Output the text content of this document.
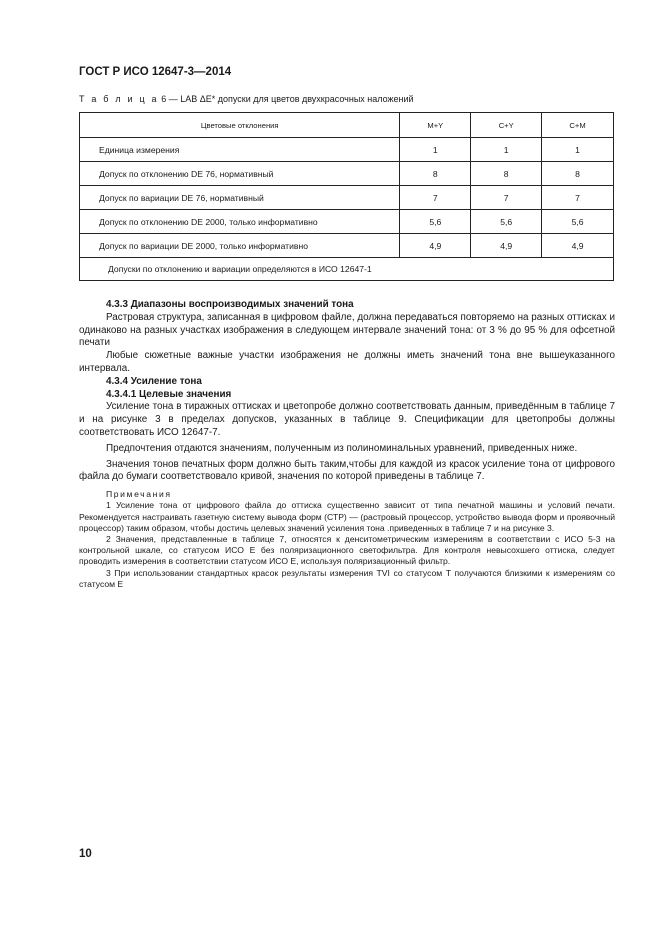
ГОСТ Р ИСО 12647-3—2014
Т а б л и ц а 6 — LAB ΔE* допуски для цветов двухкрасочных наложений
Цветовые отклонения	М+Y	С+Y	С+М
Единица измерения	1	1	1
Допуск по отклонению DE 76, нормативный	8	8	8
Допуск по вариации DE 76, нормативный	7	7	7
Допуск по отклонению DE 2000, только информативно	5,6	5,6	5,6
Допуск по вариации DE 2000, только информативно	4,9	4,9	4,9
Допуски по отклонению и вариации определяются в ИСО 12647-1			

4.3.3 Диапазоны воспроизводимых значений тона

Растровая структура, записанная в цифровом файле, должна передаваться повторяемо на разных оттисках и одинаково на разных участках изображения в следующем интервале значений тона: от 3 % до 95 % для офсетной печати

Любые сюжетные важные участки изображения не должны иметь значений тона вне вышеуказанного интервала.

4.3.4 Усиление тона

4.3.4.1 Целевые значения

Усиление тона в тиражных оттисках и цветопробе должно соответствовать данным, приведённым в таблице 7 и на рисунке 3 в пределах допусков, указанных в таблице 9. Спецификации для цветопробы должны соответствовать ИСО 12647-7.

Предпочтения отдаются значениям, полученным из полиноминальных уравнений, приведенных ниже.

Значения тонов печатных форм должно быть таким,чтобы для каждой из красок усиление тона от цифрового файла до бумаги соответствовало кривой, значения по которой приведены в таблице 7.

Примечания

1 Усиление тона от цифрового файла до оттиска существенно зависит от типа печатной машины и условий печати. Рекомендуется настраивать газетную систему вывода форм (СТР) — (растровый процессор, устройство вывода форм и проявочный процессор) таким образом, чтобы достичь целевых значений усиления тона .приведенных в таблице 7 и на рисунке 3.

2 Значения, представленные в таблице 7, относятся к денситометрическим измерениям в соответствии с ИСО 5-3 на контрольной шкале, со статусом ИСО Е без поляризационного светофильтра. Для контроля невысохшего оттиска, следует проводить измерения в соответствии статусом ИСО Е, используя поляризационный фильтр.

3 При использовании стандартных красок результаты измерения TVI со статусом Т получаются близкими к измерениям со статусом Е

10
